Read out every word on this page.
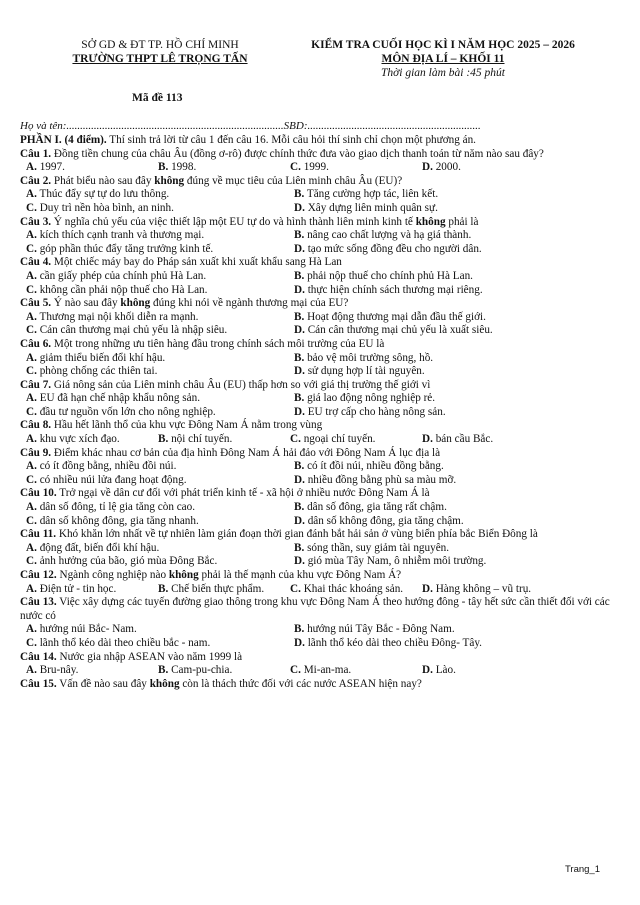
SỞ GD & ĐT TP. HỒ CHÍ MINH
TRƯỜNG THPT LÊ TRỌNG TẤN
KIỂM TRA CUỐI HỌC KÌ I NĂM HỌC 2025 – 2026
MÔN ĐỊA LÍ – KHỐI 11
Thời gian làm bài :45 phút
Mã đề 113
Họ và tên:...............................................................................SBD:...............................................................
PHẦN I. (4 điểm). Thí sinh trả lời từ câu 1 đến câu 16. Mỗi câu hỏi thí sinh chỉ chọn một phương án.
Câu 1. Đồng tiền chung của châu Âu (đồng ơ-rô) được chính thức đưa vào giao dịch thanh toán từ năm nào sau đây?
A. 1997.	B. 1998.	C. 1999.	D. 2000.
Câu 2. Phát biểu nào sau đây không đúng về mục tiêu của Liên minh châu Âu (EU)?
A. Thúc đẩy sự tự do lưu thông.	B. Tăng cường hợp tác, liên kết.
C. Duy trì nền hòa bình, an ninh.	D. Xây dựng liên minh quân sự.
Câu 3. Ý nghĩa chủ yếu của việc thiết lập một EU tự do và hình thành liên minh kinh tế không phải là
A. kích thích cạnh tranh và thương mại.	B. nâng cao chất lượng và hạ giá thành.
C. góp phần thúc đẩy tăng trưởng kinh tế.	D. tạo mức sống đồng đều cho người dân.
Câu 4. Một chiếc máy bay do Pháp sản xuất khi xuất khẩu sang Hà Lan
A. cần giấy phép của chính phủ Hà Lan.	B. phải nộp thuế cho chính phủ Hà Lan.
C. không cần phải nộp thuế cho Hà Lan.	D. thực hiện chính sách thương mại riêng.
Câu 5. Ý nào sau đây không đúng khi nói về ngành thương mại của EU?
A. Thương mại nội khối diễn ra mạnh.	B. Hoạt động thương mại dẫn đầu thế giới.
C. Cán cân thương mại chủ yếu là nhập siêu.	D. Cán cân thương mại chủ yếu là xuất siêu.
Câu 6. Một trong những ưu tiên hàng đầu trong chính sách môi trường của EU là
A. giảm thiểu biến đổi khí hậu.	B. bảo vệ môi trường sông, hồ.
C. phòng chống các thiên tai.	D. sử dụng hợp lí tài nguyên.
Câu 7. Giá nông sản của Liên minh châu Âu (EU) thấp hơn so với giá thị trường thế giới vì
A. EU đã hạn chế nhập khẩu nông sản.	B. giá lao động nông nghiệp rẻ.
C. đầu tư nguồn vốn lớn cho nông nghiệp.	D. EU trợ cấp cho hàng nông sản.
Câu 8. Hầu hết lãnh thổ của khu vực Đông Nam Á nằm trong vùng
A. khu vực xích đạo.	B. nội chí tuyến.	C. ngoại chí tuyến.	D. bán cầu Bắc.
Câu 9. Điểm khác nhau cơ bản của địa hình Đông Nam Á hải đảo với Đông Nam Á lục địa là
A. có ít đồng bằng, nhiều đồi núi.	B. có ít đồi núi, nhiều đồng bằng.
C. có nhiều núi lửa đang hoạt động.	D. nhiều đồng bằng phù sa màu mỡ.
Câu 10. Trở ngại về dân cư đối với phát triển kinh tế - xã hội ở nhiều nước Đông Nam Á là
A. dân số đông, tỉ lệ gia tăng còn cao.	B. dân số đông, gia tăng rất chậm.
C. dân số không đông, gia tăng nhanh.	D. dân số không đông, gia tăng chậm.
Câu 11. Khó khăn lớn nhất về tự nhiên làm gián đoạn thời gian đánh bắt hải sản ở vùng biển phía bắc Biển Đông là
A. động đất, biến đổi khí hậu.	B. sóng thần, suy giảm tài nguyên.
C. ảnh hưởng của bão, gió mùa Đông Bắc.	D. gió mùa Tây Nam, ô nhiễm môi trường.
Câu 12. Ngành công nghiệp nào không phải là thế mạnh của khu vực Đông Nam Á?
A. Điện tử - tin học.	B. Chế biến thực phẩm.	C. Khai thác khoáng sản.	D. Hàng không – vũ trụ.
Câu 13. Việc xây dựng các tuyến đường giao thông trong khu vực Đông Nam Á theo hướng đông - tây hết sức cần thiết đối với các nước có
A. hướng núi Bắc- Nam.	B. hướng núi Tây Bắc - Đông Nam.
C. lãnh thổ kéo dài theo chiều bắc - nam.	D. lãnh thổ kéo dài theo chiều Đông- Tây.
Câu 14. Nước gia nhập ASEAN vào năm 1999 là
A. Bru-nây.	B. Cam-pu-chia.	C. Mi-an-ma.	D. Lào.
Câu 15. Vấn đề nào sau đây không còn là thách thức đối với các nước ASEAN hiện nay?
Trang_1
